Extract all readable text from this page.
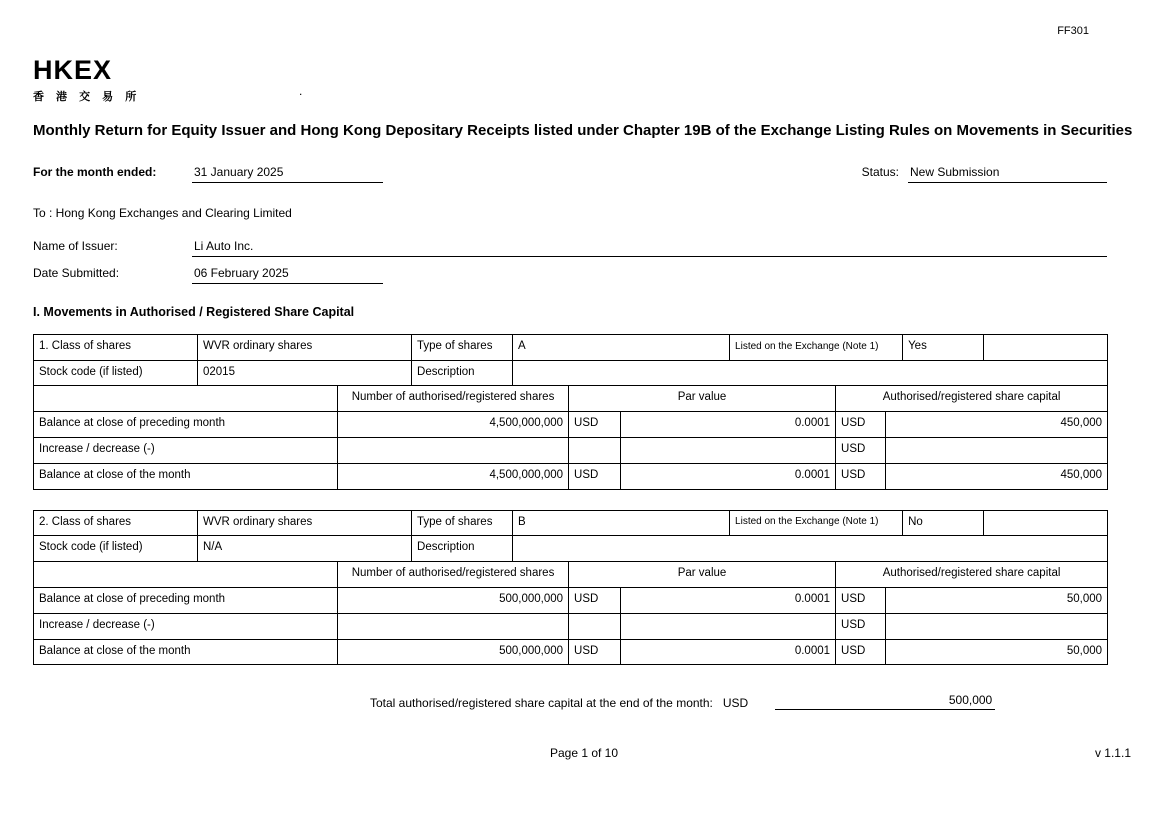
FF301
HKEX
香 港 交 易 所	.
Monthly Return for Equity Issuer and Hong Kong Depositary Receipts listed under Chapter 19B of the Exchange Listing Rules on Movements in Securities
For the month ended:	31 January 2025	Status: New Submission
To : Hong Kong Exchanges and Clearing Limited
Name of Issuer:	Li Auto Inc.
Date Submitted:	06 February 2025
I. Movements in Authorised / Registered Share Capital
1. Class of shares	WVR ordinary shares		Type of shares	A			Listed on the Exchange (Note 1)			Yes	
Stock code (if listed)	02015		Description								
		Number of authorised/registered shares			Par value			Authorised/registered share capital			
Balance at close of preceding month		4,500,000,000			USD	0.0001		USD	450,000		
Increase / decrease (-)								USD			
Balance at close of the month		4,500,000,000			USD	0.0001		USD	450,000		
2. Class of shares	WVR ordinary shares		Type of shares	B			Listed on the Exchange (Note 1)			No	
Stock code (if listed)	N/A		Description								
		Number of authorised/registered shares			Par value			Authorised/registered share capital			
Balance at close of preceding month		500,000,000			USD	0.0001		USD	50,000		
Increase / decrease (-)								USD			
Balance at close of the month		500,000,000			USD	0.0001		USD	50,000		
Total authorised/registered share capital at the end of the month: USD	500,000
Page 1 of 10	v 1.1.1
